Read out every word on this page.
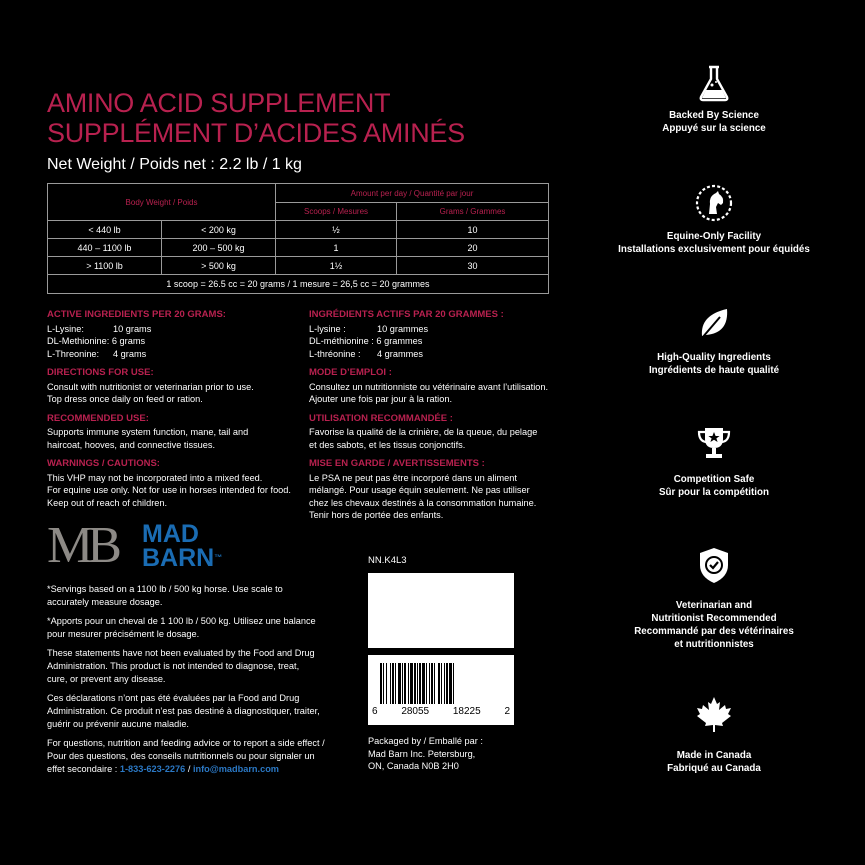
AMINO ACID SUPPLEMENT
SUPPLÉMENT D’ACIDES AMINÉS
Net Weight / Poids net : 2.2 lb / 1 kg
Body Weight / Poids		Amount per day / Quantité par jour	
		Scoops / Mesures	Grams / Grammes
< 440 lb	< 200 kg	½	10
440 – 1100 lb	200 – 500 kg	1	20
> 1100 lb	> 500 kg	1½	30
1 scoop = 26.5 cc = 20 grams / 1 mesure = 26,5 cc = 20 grammes			
ACTIVE INGREDIENTS PER 20 GRAMS:
L-Lysine:	10 grams
DL-Methionine: 6 grams
L-Threonine: 4 grams
DIRECTIONS FOR USE:
Consult with nutritionist or veterinarian prior to use.
Top dress once daily on feed or ration.
RECOMMENDED USE:
Supports immune system function, mane, tail and
haircoat, hooves, and connective tissues.
WARNINGS / CAUTIONS:
This VHP may not be incorporated into a mixed feed.
For equine use only. Not for use in horses intended for food.
Keep out of reach of children.
INGRÉDIENTS ACTIFS PAR 20 GRAMMES :
L-lysine :	10 grammes
DL-méthionine : 6 grammes
L-thréonine : 4 grammes
MODE D’EMPLOI :
Consultez un nutritionniste ou vétérinaire avant l’utilisation.
Ajouter une fois par jour à la ration.
UTILISATION RECOMMANDÉE :
Favorise la qualité de la crinière, de la queue, du pelage
et des sabots, et les tissus conjonctifs.
MISE EN GARDE / AVERTISSEMENTS :
Le PSA ne peut pas être incorporé dans un aliment
mélangé. Pour usage équin seulement. Ne pas utiliser
chez les chevaux destinés à la consommation humaine.
Tenir hors de portée des enfants.
MB MAD
BARN™

*Servings based on a 1100 lb / 500 kg horse. Use scale to
accurately measure dosage.

*Apports pour un cheval de 1 100 lb / 500 kg. Utilisez une balance
pour mesurer précisément le dosage.

These statements have not been evaluated by the Food and Drug
Administration. This product is not intended to diagnose, treat,
cure, or prevent any disease.

Ces déclarations n’ont pas été évaluées par la Food and Drug
Administration. Ce produit n’est pas destiné à diagnostiquer, traiter,
guérir ou prévenir aucune maladie.

For questions, nutrition and feeding advice or to report a side effect /
Pour des questions, des conseils nutritionnels ou pour signaler un
effet secondaire : 1-833-623-2276 / info@madbarn.com

NN.K4L3
6 28055 18225 2
Packaged by / Emballé par :
Mad Barn Inc. Petersburg,
ON, Canada N0B 2H0
Backed By Science
Appuyé sur la science
Equine-Only Facility
Installations exclusivement pour équidés
High-Quality Ingredients
Ingrédients de haute qualité
Competition Safe
Sûr pour la compétition
Veterinarian and
Nutritionist Recommended
Recommandé par des vétérinaires
et nutritionnistes
Made in Canada
Fabriqué au Canada
